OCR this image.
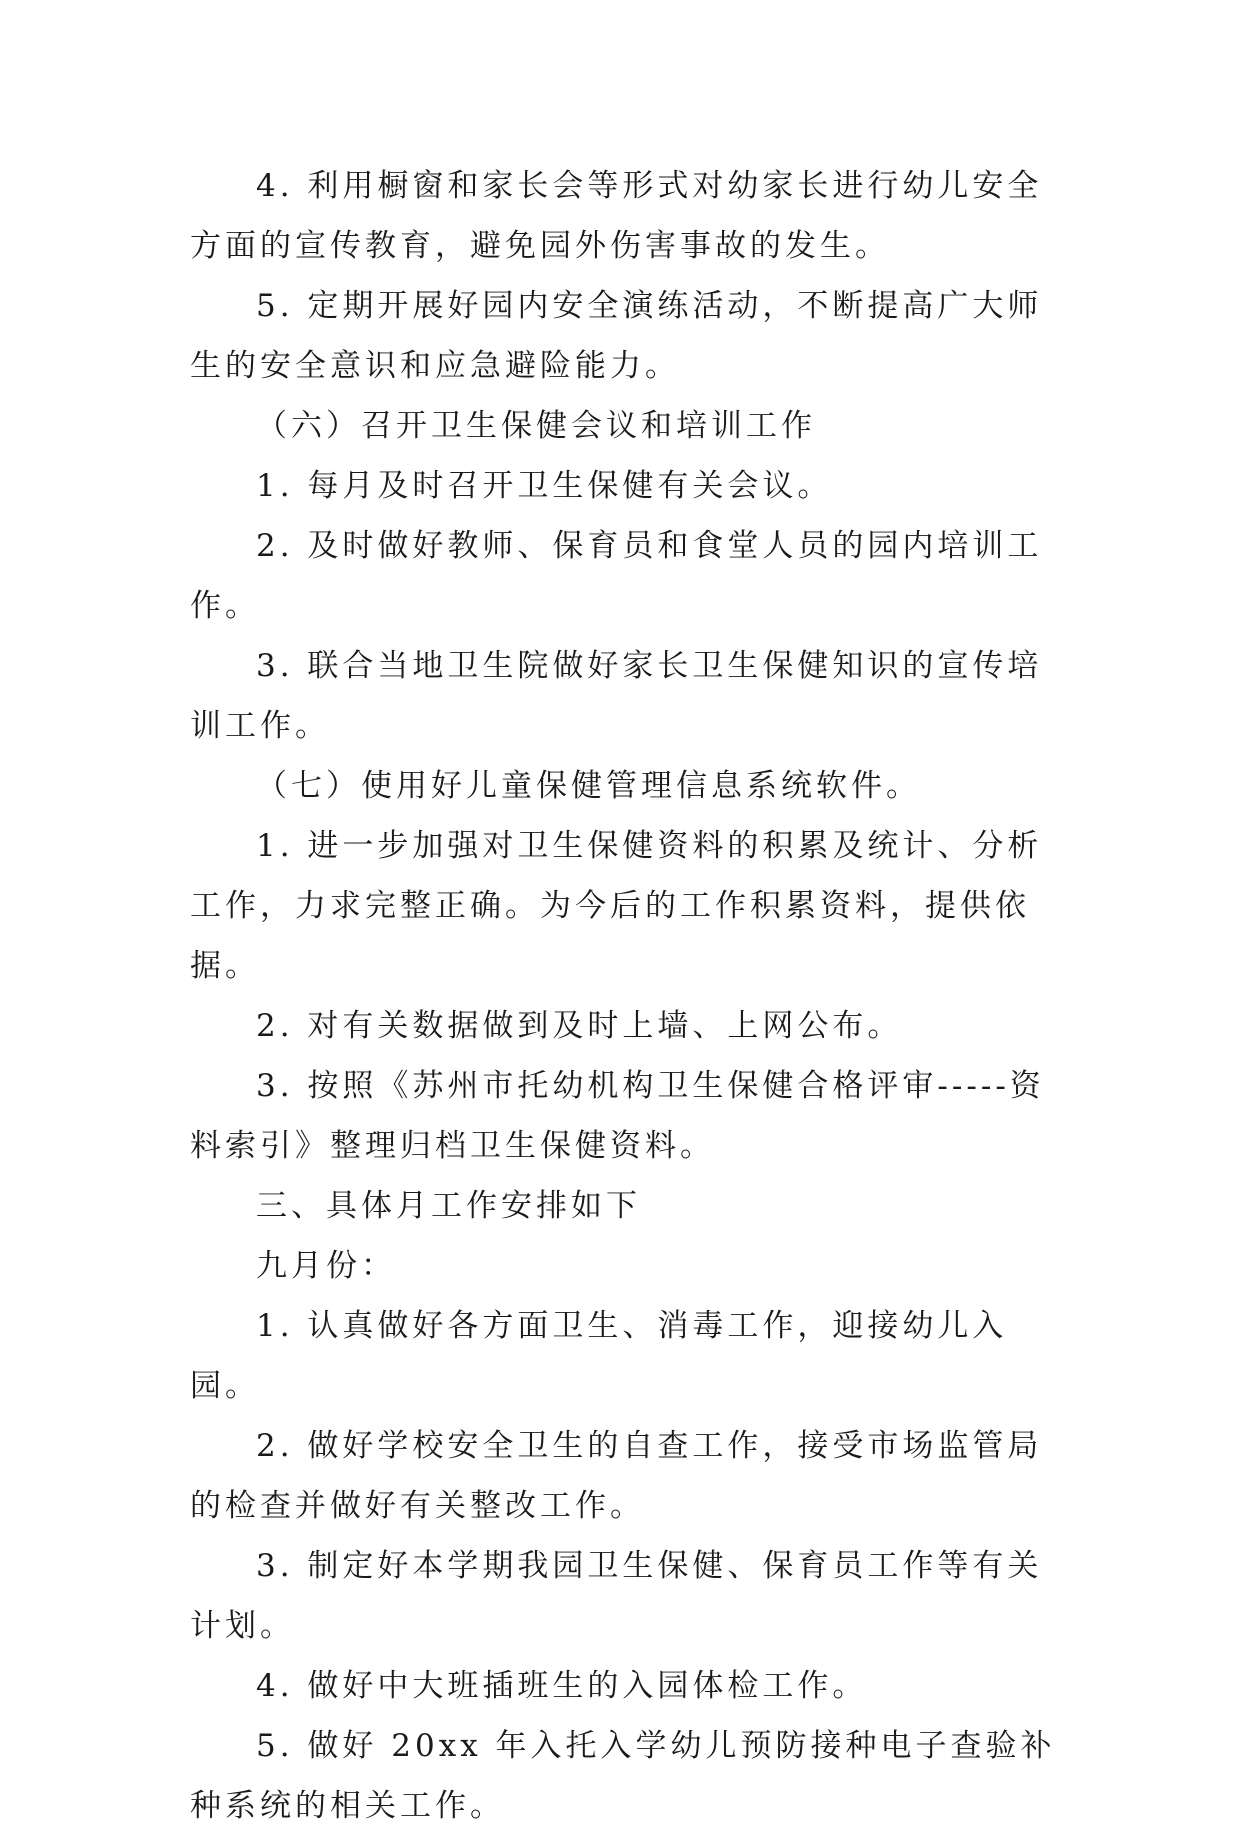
4. 利用橱窗和家长会等形式对幼家长进行幼儿安全方面的宣传教育，避免园外伤害事故的发生。

5. 定期开展好园内安全演练活动，不断提高广大师生的安全意识和应急避险能力。

（六）召开卫生保健会议和培训工作

1. 每月及时召开卫生保健有关会议。

2. 及时做好教师、保育员和食堂人员的园内培训工作。

3. 联合当地卫生院做好家长卫生保健知识的宣传培训工作。

（七）使用好儿童保健管理信息系统软件。

1. 进一步加强对卫生保健资料的积累及统计、分析工作，力求完整正确。为今后的工作积累资料，提供依据。

2. 对有关数据做到及时上墙、上网公布。

3. 按照《苏州市托幼机构卫生保健合格评审-----资料索引》整理归档卫生保健资料。

三、具体月工作安排如下

九月份：

1. 认真做好各方面卫生、消毒工作，迎接幼儿入园。

2. 做好学校安全卫生的自查工作，接受市场监管局的检查并做好有关整改工作。

3. 制定好本学期我园卫生保健、保育员工作等有关计划。

4. 做好中大班插班生的入园体检工作。

5. 做好 20xx 年入托入学幼儿预防接种电子查验补种系统的相关工作。
